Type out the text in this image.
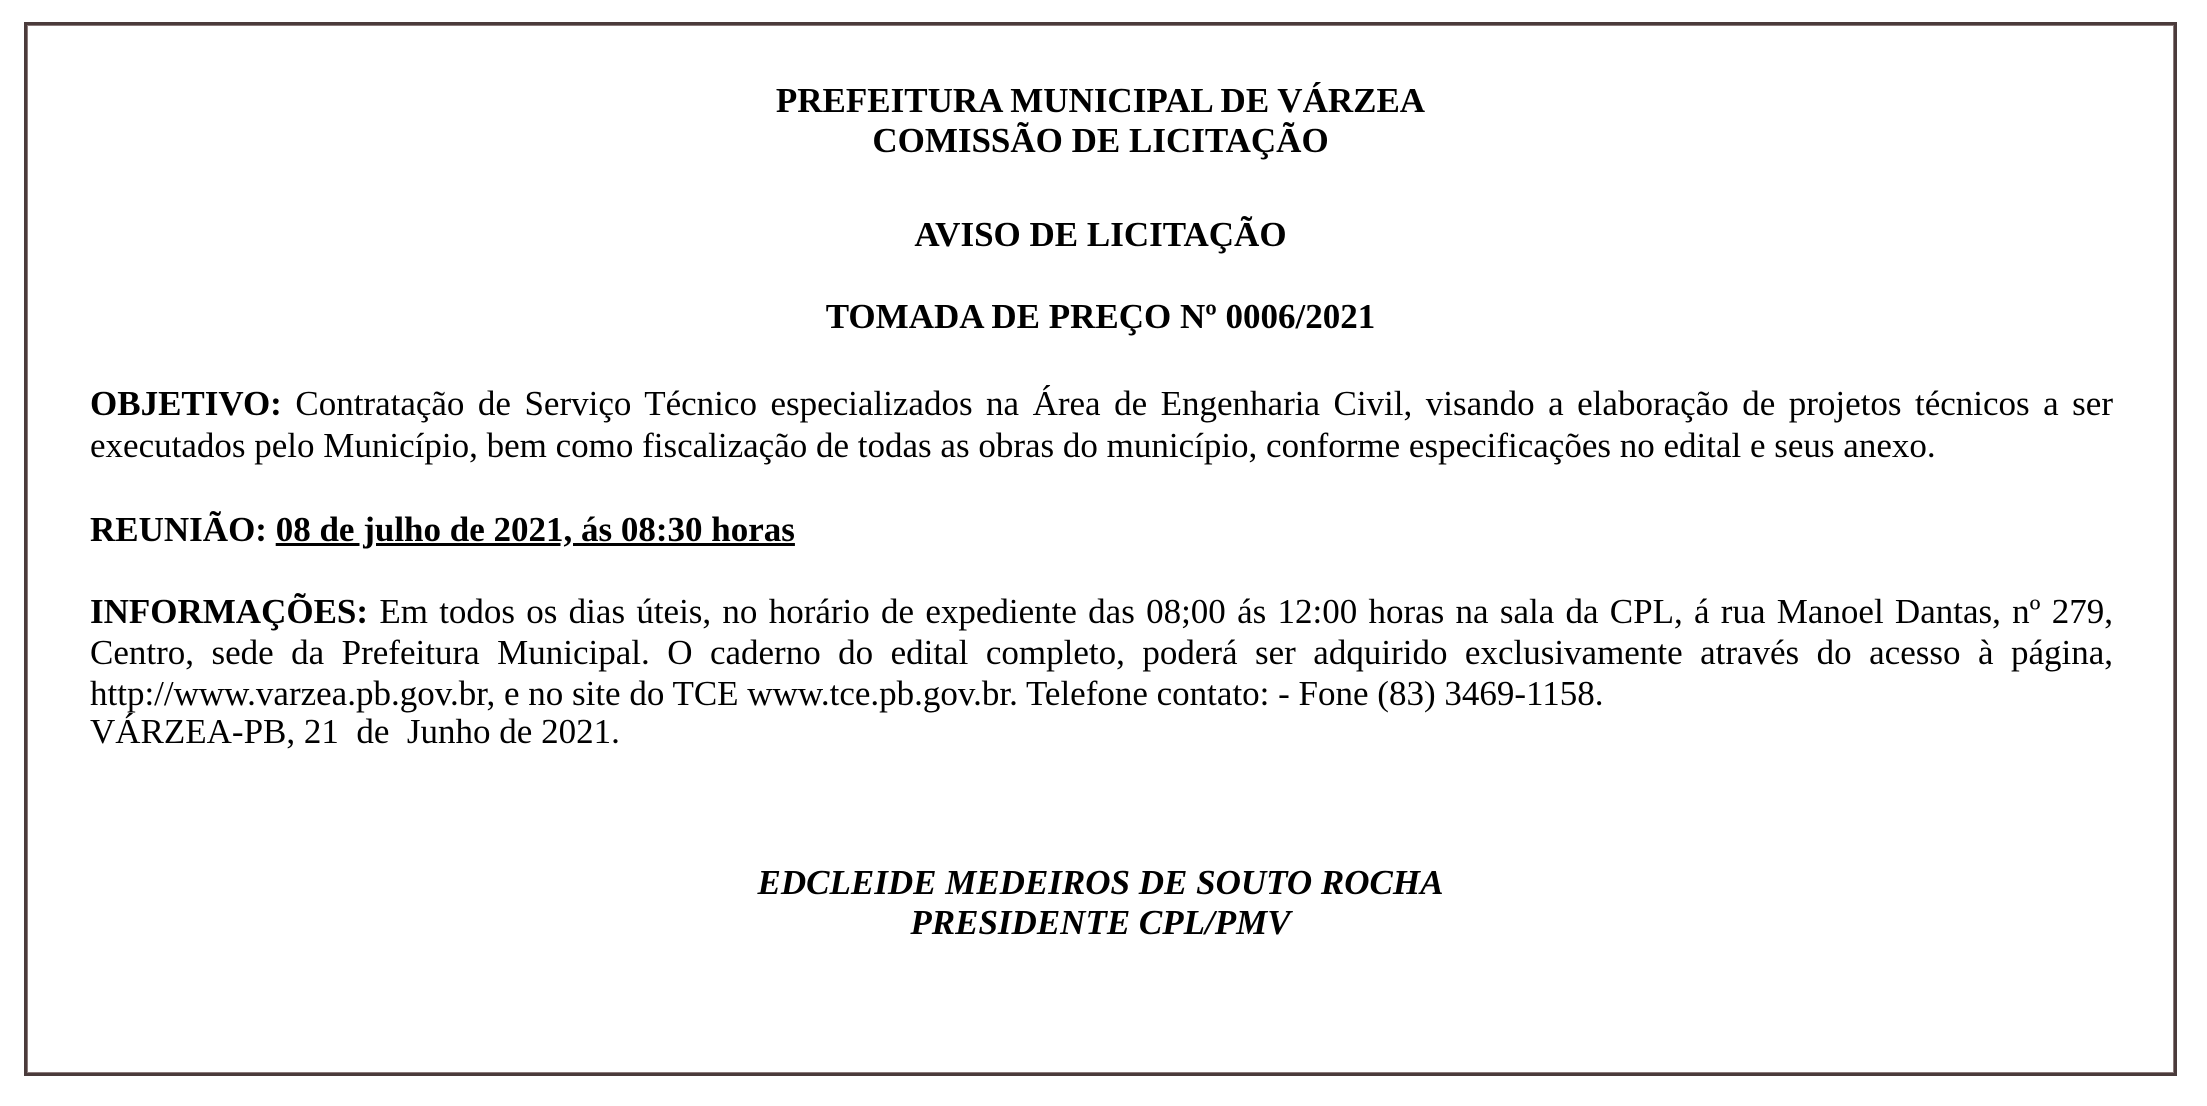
PREFEITURA MUNICIPAL DE VÁRZEA
COMISSÃO DE LICITAÇÃO
AVISO DE LICITAÇÃO
TOMADA DE PREÇO Nº 0006/2021
OBJETIVO: Contratação de Serviço Técnico especializados na Área de Engenharia Civil, visando a elaboração de projetos técnicos a ser executados pelo Município, bem como fiscalização de todas as obras do município, conforme especificações no edital e seus anexo.
REUNIÃO: 08 de julho de 2021, ás 08:30 horas
INFORMAÇÕES: Em todos os dias úteis, no horário de expediente das 08;00 ás 12:00 horas na sala da CPL, á rua Manoel Dantas, nº 279, Centro, sede da Prefeitura Municipal. O caderno do edital completo, poderá ser adquirido exclusivamente através do acesso à página, http://www.varzea.pb.gov.br, e no site do TCE www.tce.pb.gov.br. Telefone contato: - Fone (83) 3469-1158.
VÁRZEA-PB, 21  de  Junho de 2021.
EDCLEIDE MEDEIROS DE SOUTO ROCHA
PRESIDENTE CPL/PMV
